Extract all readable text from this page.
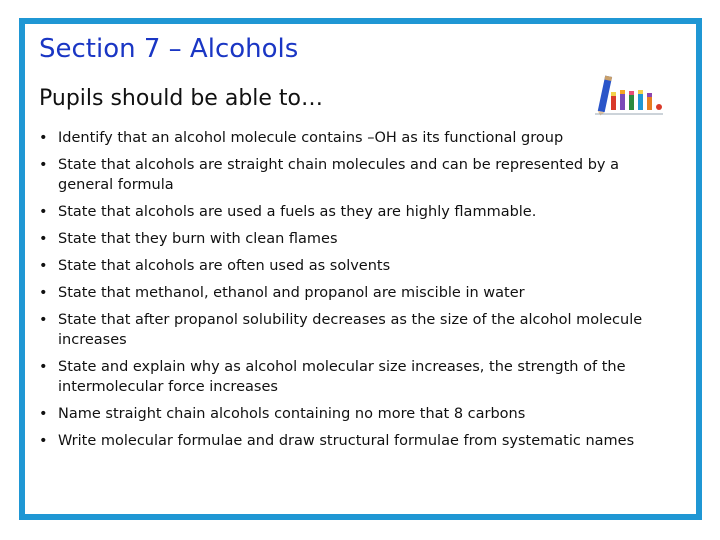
Section 7 – Alcohols
Pupils should be able to…
• Identify that an alcohol molecule contains –OH as its functional group
• State that alcohols are straight chain molecules and can be represented by a general formula
• State that alcohols are used a fuels as they are highly flammable.
• State that they burn with clean flames
• State that alcohols are often used as solvents
• State that methanol, ethanol and propanol are miscible in water
• State that after propanol solubility decreases as the size of the alcohol molecule increases
• State and explain why as alcohol molecular size increases, the strength of the intermolecular force increases
• Name straight chain alcohols containing no more that 8 carbons
• Write molecular formulae and draw structural formulae from systematic names
